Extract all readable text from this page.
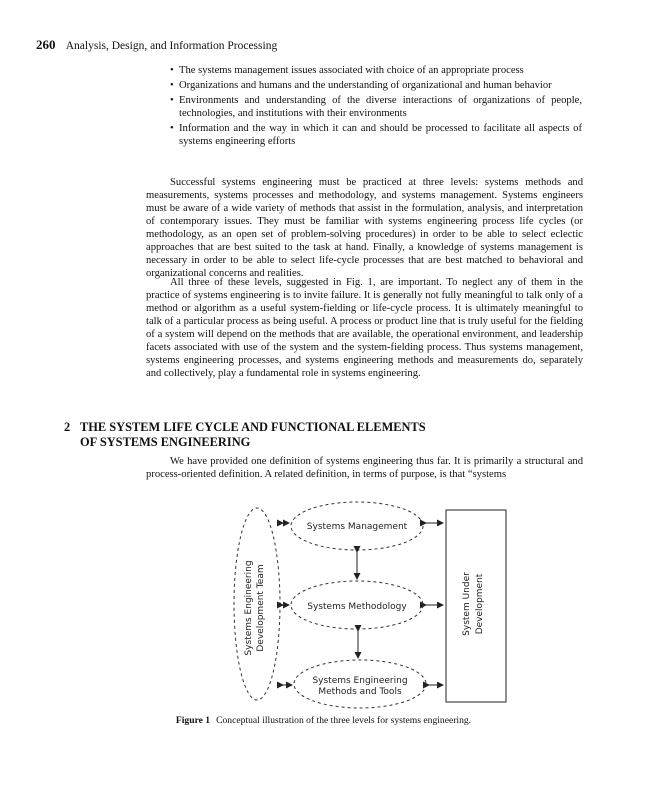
260 Analysis, Design, and Information Processing
• The systems management issues associated with choice of an appropriate process
• Organizations and humans and the understanding of organizational and human behavior
• Environments and understanding of the diverse interactions of organizations of people, technologies, and institutions with their environments
• Information and the way in which it can and should be processed to facilitate all aspects of systems engineering efforts

Successful systems engineering must be practiced at three levels: systems methods and measurements, systems processes and methodology, and systems management. Systems engineers must be aware of a wide variety of methods that assist in the formulation, analysis, and interpretation of contemporary issues. They must be familiar with systems engineering process life cycles (or methodology, as an open set of problem-solving procedures) in order to be able to select eclectic approaches that are best suited to the task at hand. Finally, a knowledge of systems management is necessary in order to be able to select life-cycle processes that are best matched to behavioral and organizational concerns and realities.

All three of these levels, suggested in Fig. 1, are important. To neglect any of them in the practice of systems engineering is to invite failure. It is generally not fully meaningful to talk only of a method or algorithm as a useful system-fielding or life-cycle process. It is ultimately meaningful to talk of a particular process as being useful. A process or product line that is truly useful for the fielding of a system will depend on the methods that are available, the operational environment, and leadership facets associated with use of the system and the system-fielding process. Thus systems management, systems engineering processes, and systems engineering methods and measurements do, separately and collectively, play a fundamental role in systems engineering.

2 THE SYSTEM LIFE CYCLE AND FUNCTIONAL ELEMENTS
OF SYSTEMS ENGINEERING

We have provided one definition of systems engineering thus far. It is primarily a structural and process-oriented definition. A related definition, in terms of purpose, is that “systems

Systems Engineering Development Team
Systems Management
Systems Methodology
Systems Engineering
Methods and Tools
System Under Development
Figure 1 Conceptual illustration of the three levels for systems engineering.
